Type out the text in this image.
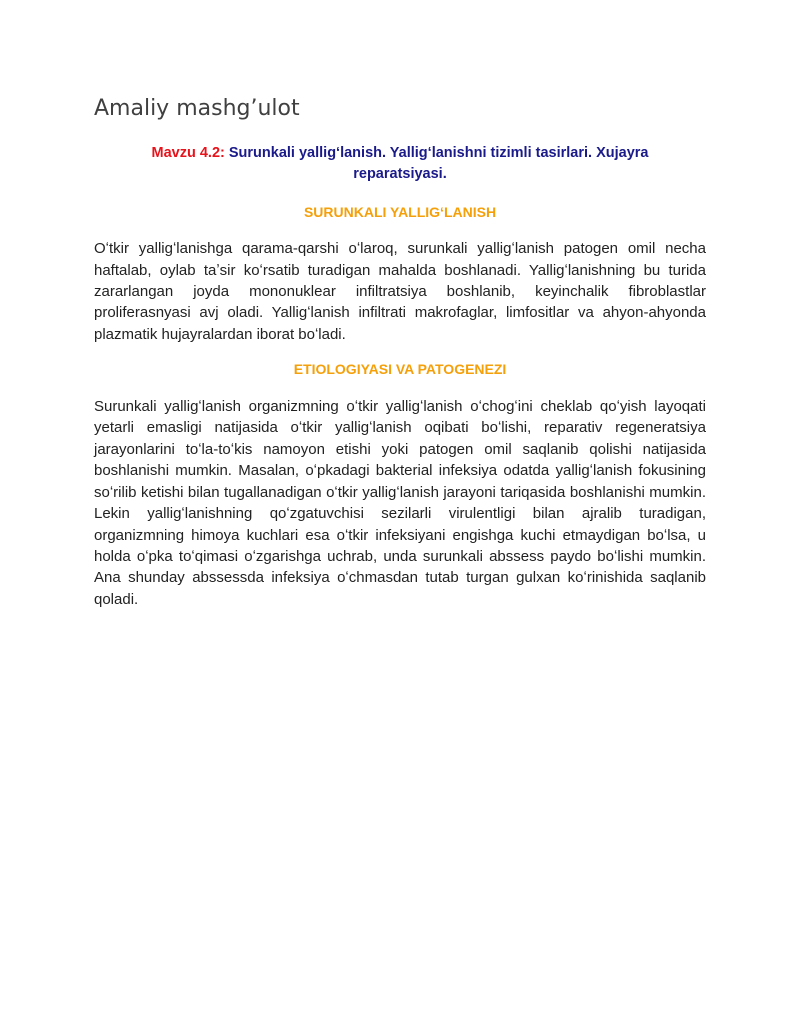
Amaliy mashg’ulot

Mavzu 4.2: Surunkali yallig‘lanish. Yallig‘lanishni tizimli tasirlari. Xujayra reparatsiyasi.

SURUNKALI YALLIGʻLANISH

Oʻtkir yalligʻlanishga qarama-qarshi oʻlaroq, surunkali yalligʻlanish patogen omil necha haftalab, oylab taʼsir koʻrsatib turadigan mahalda boshlanadi. Yalligʻlanishning bu turida zararlangan joyda mononuklear infiltratsiya boshlanib, keyinchalik fibroblastlar proliferasnyasi avj oladi. Yalligʻlanish infiltrati makrofaglar, limfositlar va ahyon-ahyonda plazmatik hujayralardan iborat boʻladi.

ETIOLOGIYASI VA PATOGENEZI

Surunkali yalligʻlanish organizmning oʻtkir yalligʻlanish oʻchogʻini cheklab qoʻyish layoqati yetarli emasligi natijasida oʻtkir yalligʻlanish oqibati boʻlishi, reparativ regeneratsiya jarayonlarini toʻla-toʻkis namoyon etishi yoki patogen omil saqlanib qolishi natijasida boshlanishi mumkin. Masalan, oʻpkadagi bakterial infeksiya odatda yalligʻlanish fokusining soʻrilib ketishi bilan tugallanadigan oʻtkir yalligʻlanish jarayoni tariqasida boshlanishi mumkin. Lekin yalligʻlanishning qoʻzgatuvchisi sezilarli virulentligi bilan ajralib turadigan, organizmning himoya kuchlari esa oʻtkir infeksiyani engishga kuchi etmaydigan boʻlsa, u holda oʻpka toʻqimasi oʻzgarishga uchrab, unda surunkali abssess paydo boʻlishi mumkin. Ana shunday abssessda infeksiya oʻchmasdan tutab turgan gulxan koʻrinishida saqlanib qoladi.
